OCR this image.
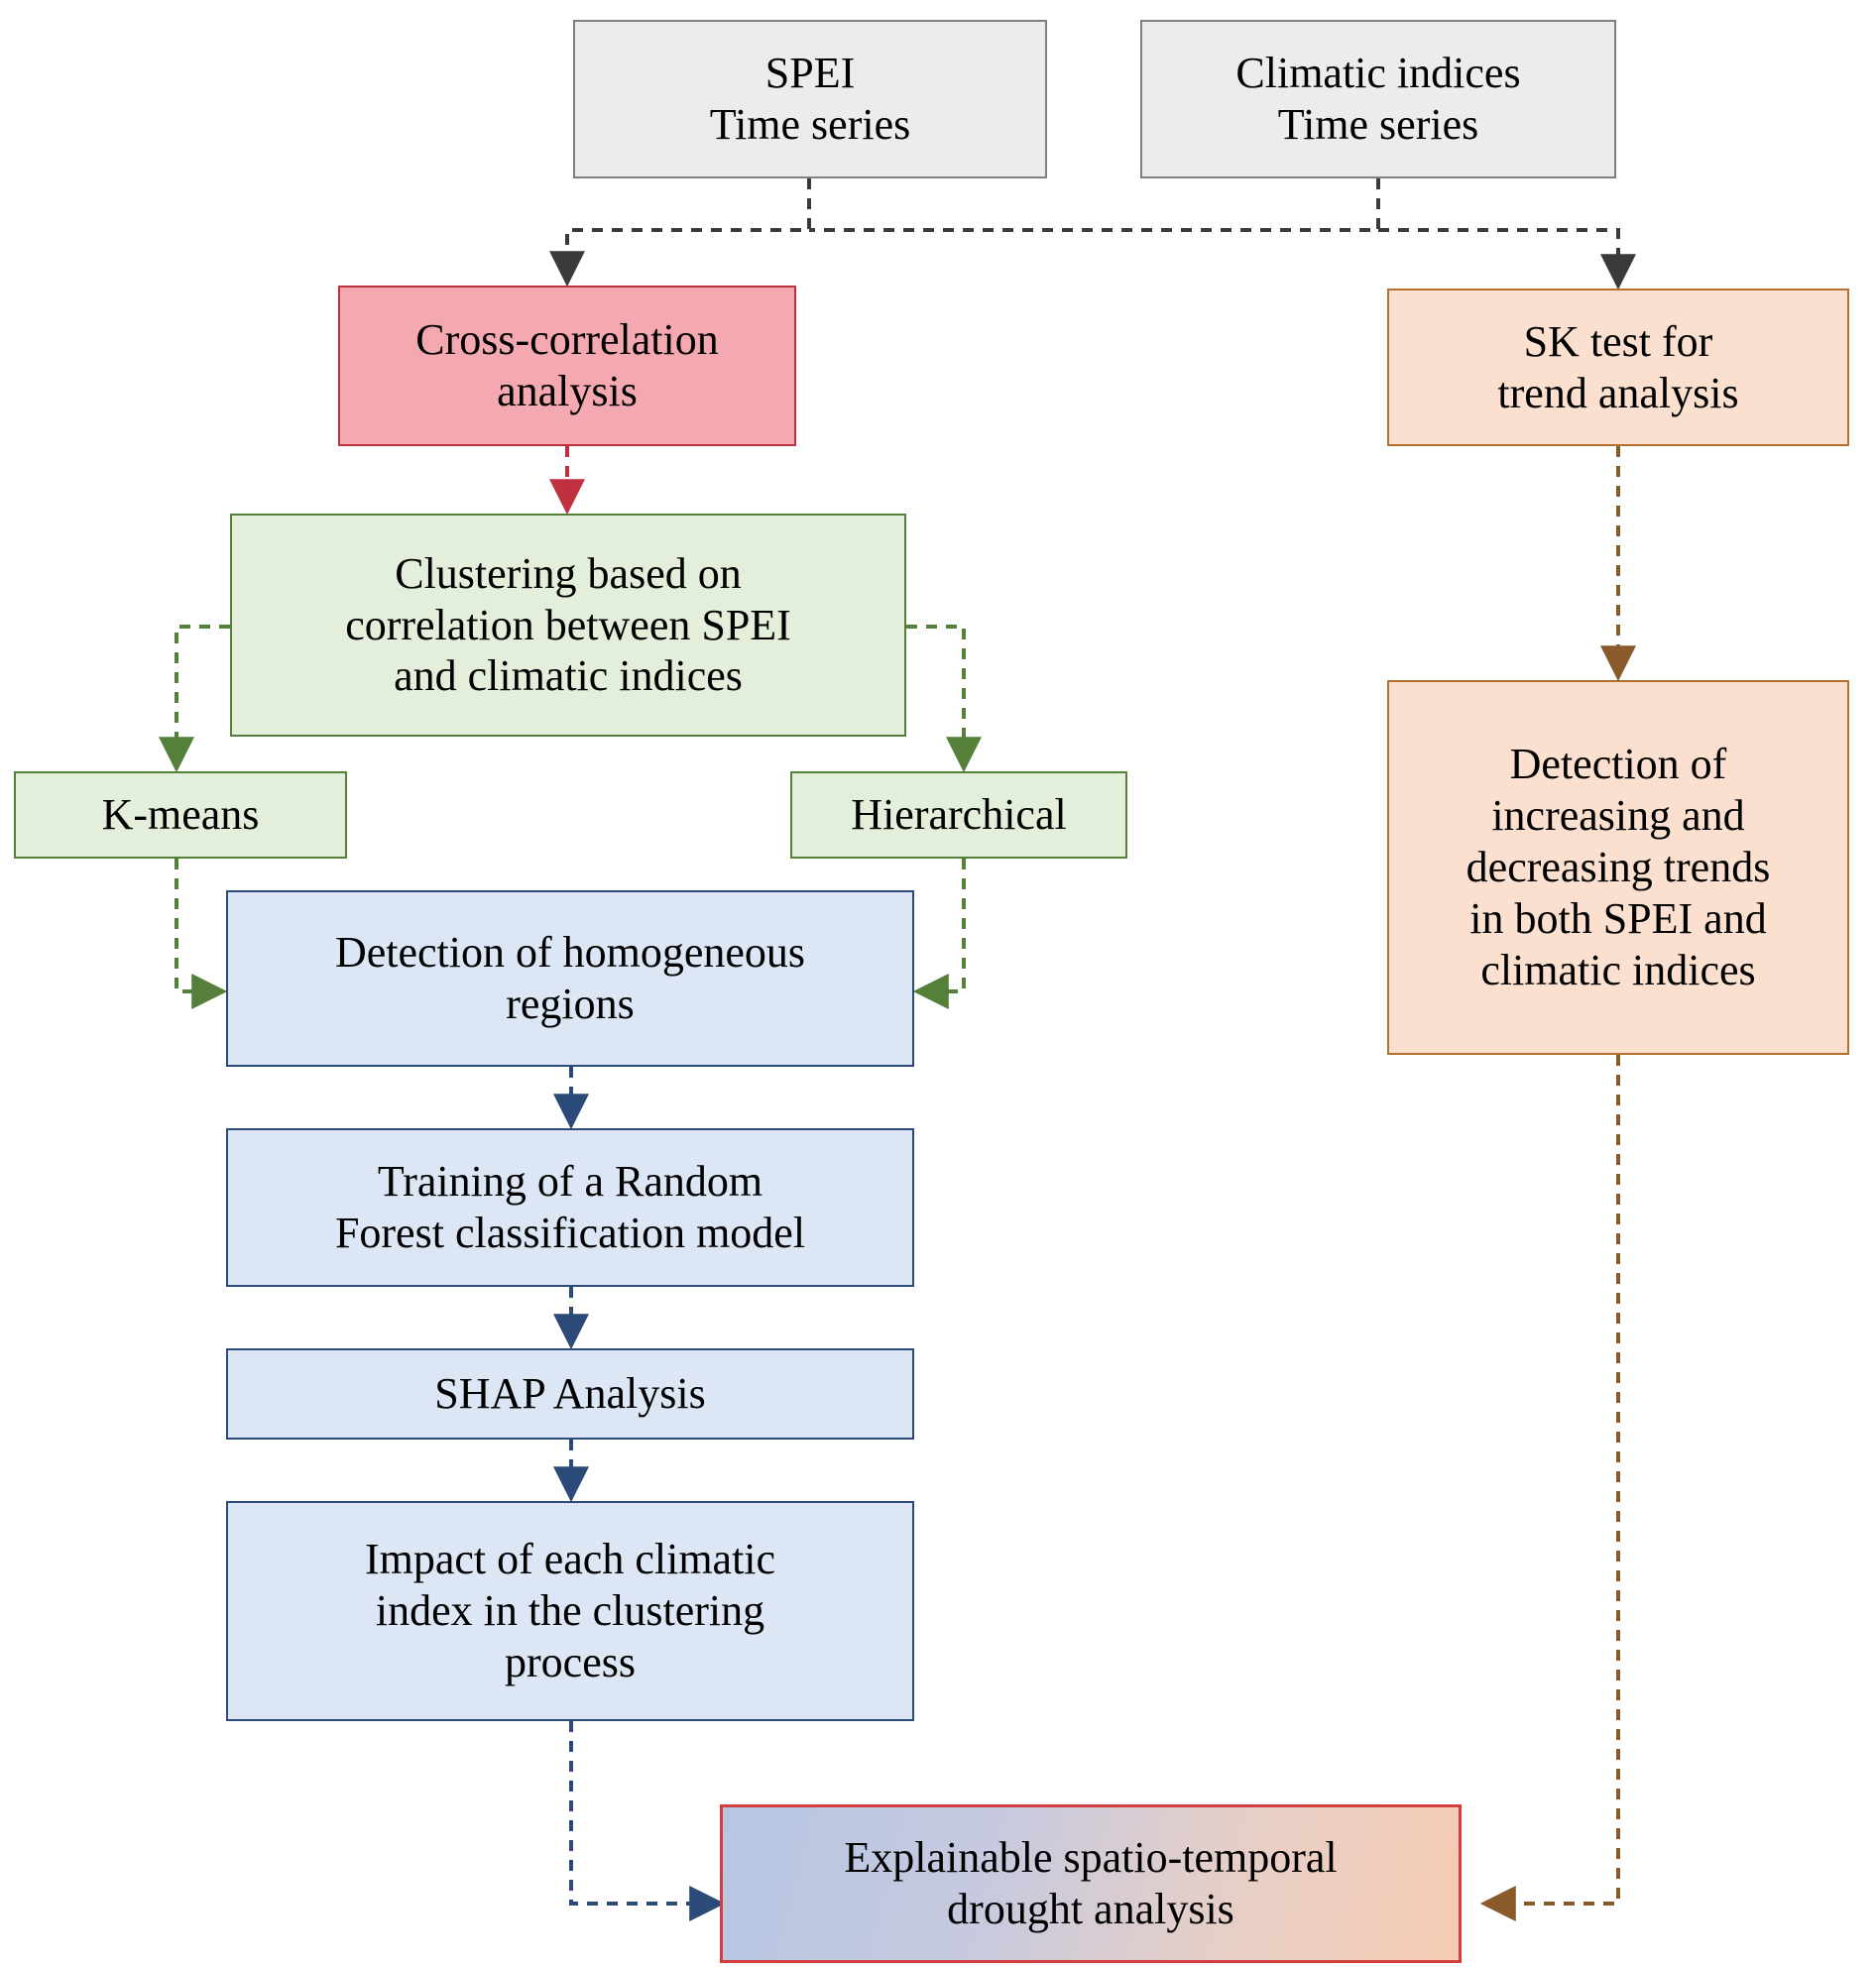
SPEI
Time series
Climatic indices
Time series
Cross-correlation
analysis
SK test for
trend analysis
Clustering based on
correlation between SPEI
and climatic indices
K-means	Hierarchical
Detection of
increasing and
decreasing trends
in both SPEI and
climatic indices
Detection of homogeneous
regions
Training of a Random
Forest classification model
SHAP Analysis
Impact of each climatic
index in the clustering
process
Explainable spatio-temporal
drought analysis
